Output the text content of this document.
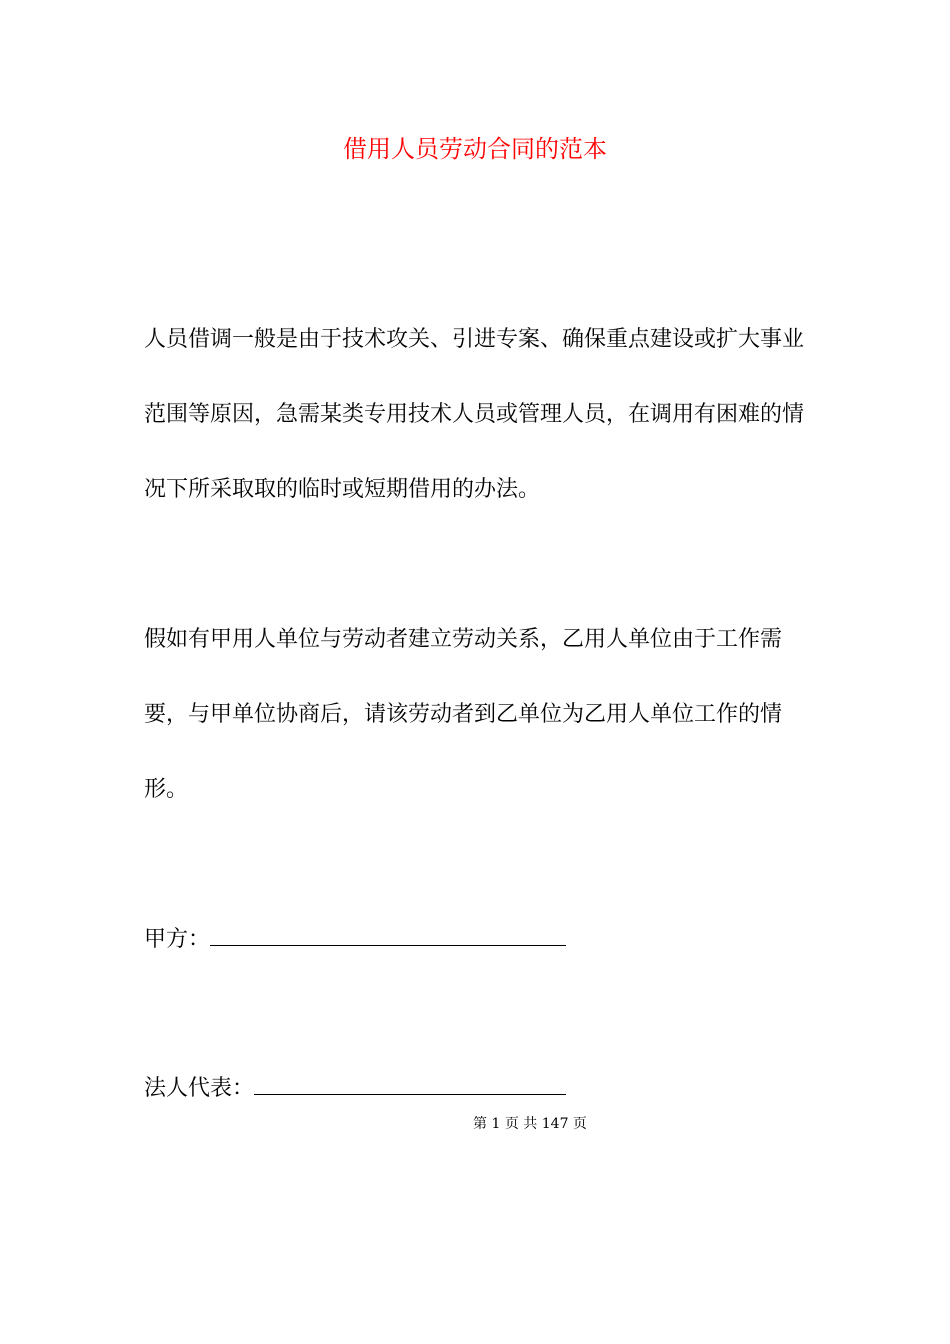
借用人员劳动合同的范本

人员借调一般是由于技术攻关、引进专案、确保重点建设或扩大事业范围等原因，急需某类专用技术人员或管理人员，在调用有困难的情况下所采取取的临时或短期借用的办法。

假如有甲用人单位与劳动者建立劳动关系，乙用人单位由于工作需要，与甲单位协商后，请该劳动者到乙单位为乙用人单位工作的情形。

甲方：
法人代表：
第 1 页 共 147 页
